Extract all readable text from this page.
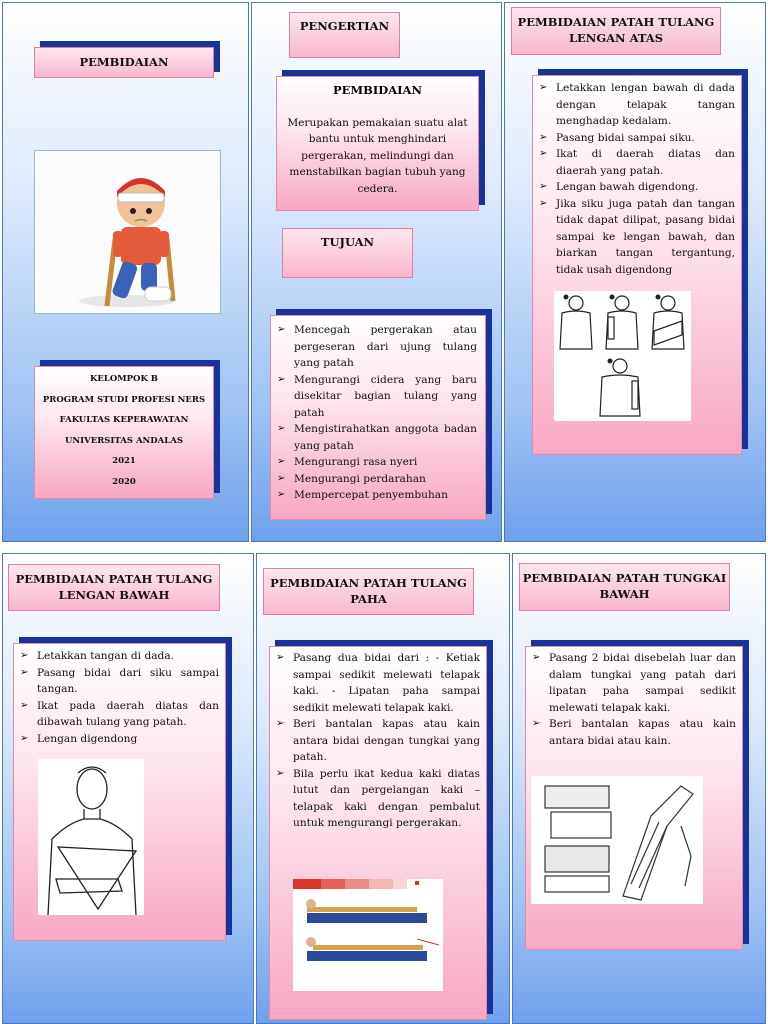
PEMBIDAIAN

KELOMPOK B

PROGRAM STUDI PROFESI NERS

FAKULTAS KEPERAWATAN

UNIVERSITAS ANDALAS

2021

2020

PENGERTIAN
PEMBIDAIAN
Merupakan pemakaian suatu alat bantu untuk menghindari pergerakan, melindungi dan menstabilkan bagian tubuh yang cedera.
TUJUAN
➢ Mencegah pergerakan atau pergeseran dari ujung tulang yang patah
➢ Mengurangi cidera yang baru disekitar bagian tulang yang patah
➢ Mengistirahatkan anggota badan yang patah
➢ Mengurangi rasa nyeri
➢ Mengurangi perdarahan
➢ Mempercepat penyembuhan
PEMBIDAIAN PATAH TULANG LENGAN ATAS
➢ Letakkan lengan bawah di dada dengan telapak tangan menghadap kedalam.
➢ Pasang bidai sampai siku.
➢ Ikat di daerah diatas dan diaerah yang patah.
➢ Lengan bawah digendong.
➢ Jika siku juga patah dan tangan tidak dapat dilipat, pasang bidai sampai ke lengan bawah, dan biarkan tangan tergantung, tidak usah digendong
PEMBIDAIAN PATAH TULANG LENGAN BAWAH
➢ Letakkan tangan di dada.
➢ Pasang bidai dari siku sampai tangan.
➢ Ikat pada daerah diatas dan dibawah tulang yang patah.
➢ Lengan digendong
PEMBIDAIAN PATAH TULANG PAHA
➢ Pasang dua bidai dari : - Ketiak sampai sedikit melewati telapak kaki. - Lipatan paha sampai sedikit melewati telapak kaki.
➢ Beri bantalan kapas atau kain antara bidai dengan tungkai yang patah.
➢ Bila perlu ikat kedua kaki diatas lutut dan pergelangan kaki – telapak kaki dengan pembalut untuk mengurangi pergerakan.
PEMBIDAIAN PATAH TUNGKAI BAWAH
➢ Pasang 2 bidai disebelah luar dan dalam tungkai yang patah dari lipatan paha sampai sedikit melewati telapak kaki.
➢ Beri bantalan kapas atau kain antara bidai atau kain.
